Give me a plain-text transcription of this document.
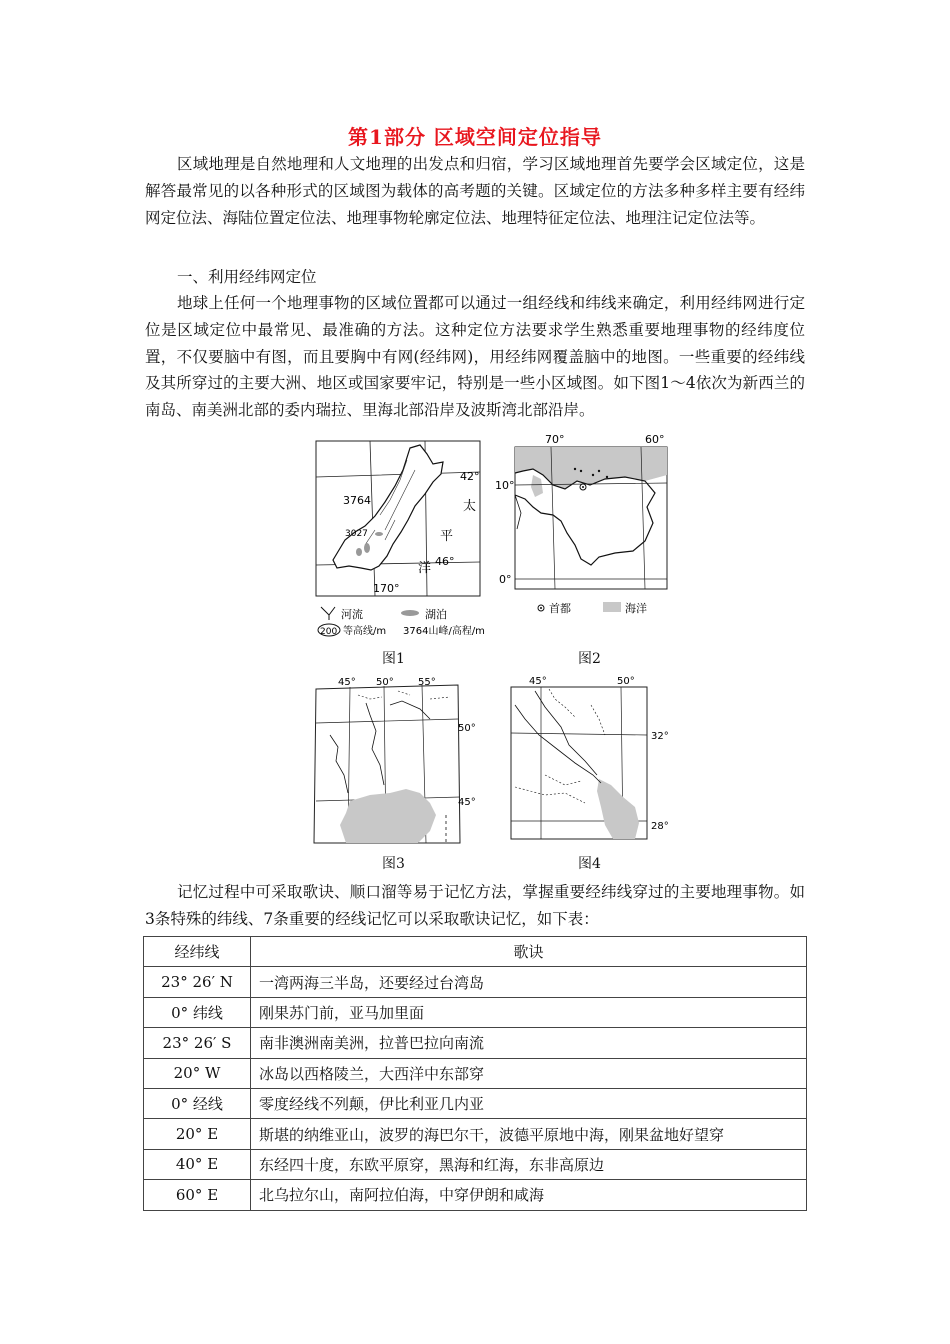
第1部分 区域空间定位指导

区域地理是自然地理和人文地理的出发点和归宿，学习区域地理首先要学会区域定位，这是解答最常见的以各种形式的区域图为载体的高考题的关键。区域定位的方法多种多样主要有经纬网定位法、海陆位置定位法、地理事物轮廓定位法、地理特征定位法、地理注记定位法等。

一、利用经纬网定位

地球上任何一个地理事物的区域位置都可以通过一组经线和纬线来确定，利用经纬网进行定位是区域定位中最常见、最准确的方法。这种定位方法要求学生熟悉重要地理事物的经纬度位置，不仅要脑中有图，而且要胸中有网(经纬网)，用经纬网覆盖脑中的地图。一些重要的经纬线及其所穿过的主要大洲、地区或国家要牢记，特别是一些小区域图。如下图1～4依次为新西兰的南岛、南美洲北部的委内瑞拉、里海北部沿岸及波斯湾北部沿岸。

42°
46°
170°
3764
3027
太
平
洋
河流	湖泊
200 等高线/m 3764山峰/高程/m
图1
70°	60°
10°
0°
首都	海洋
图2
45° 50° 55°
50°
45°
图3
45°	50°
32°
28°
图4

记忆过程中可采取歌诀、顺口溜等易于记忆方法，掌握重要经纬线穿过的主要地理事物。如3条特殊的纬线、7条重要的经线记忆可以采取歌诀记忆，如下表：

经纬线	歌诀
23° 26′ N	一湾两海三半岛，还要经过台湾岛
0° 纬线	刚果苏门前，亚马加里面
23° 26′ S	南非澳洲南美洲，拉普巴拉向南流
20° W	冰岛以西格陵兰，大西洋中东部穿
0° 经线	零度经线不列颠，伊比利亚几内亚
20° E	斯堪的纳维亚山，波罗的海巴尔干，波德平原地中海，刚果盆地好望穿
40° E	东经四十度，东欧平原穿，黑海和红海，东非高原边
60° E	北乌拉尔山，南阿拉伯海，中穿伊朗和咸海
